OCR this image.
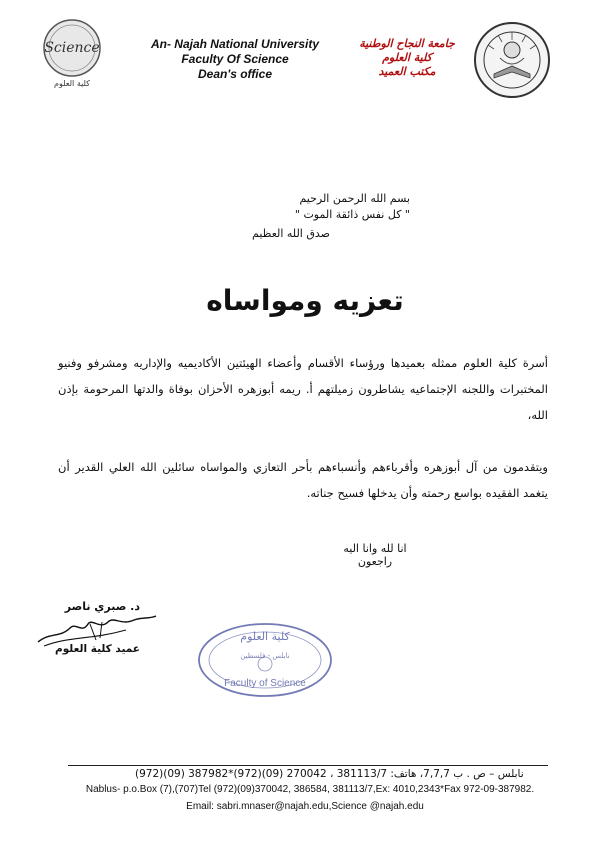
Science
كلية العلوم
An- Najah National University
Faculty Of Science
Dean's office
جامعة النجاح الوطنية
كلية العلوم
مكتب العميد
بسم الله الرحمن الرحيم
" كل نفس ذائقة الموت "
صدق الله العظيم
تعزيه ومواساه
أسرة كلية العلوم ممثله بعميدها ورؤساء الأقسام وأعضاء الهيئتين الأكاديميه والإداريه ومشرفو وفنيو المختبرات واللجنه الإجتماعيه يشاطرون زميلتهم أ. ريمه أبوزهره الأحزان بوفاة والدتها المرحومة بإذن الله،
ويتقدمون من آل أبوزهره وأقرباءهم وأنسباءهم بأحر التعازي والمواساه سائلين الله العلي القدير أن يتغمد الفقيده بواسع رحمته وأن يدخلها فسيح جناته.
انا لله وانا اليه راجعون
د. صبري ناصر
عميد كلية العلوم
كلية العلوم
نابلس - فلسطين
Faculty of Science
(972)(09) 387982*(972)(09) 270042 ، 381113/7 :نابلس – ص . ب 7,7,7، هاتف
Nablus- p.o.Box (7),(707)Tel (972)(09)370042, 386584, 381113/7,Ex: 4010,2343*Fax 972-09-387982.
Email: sabri.mnaser@najah.edu,Science @najah.edu
